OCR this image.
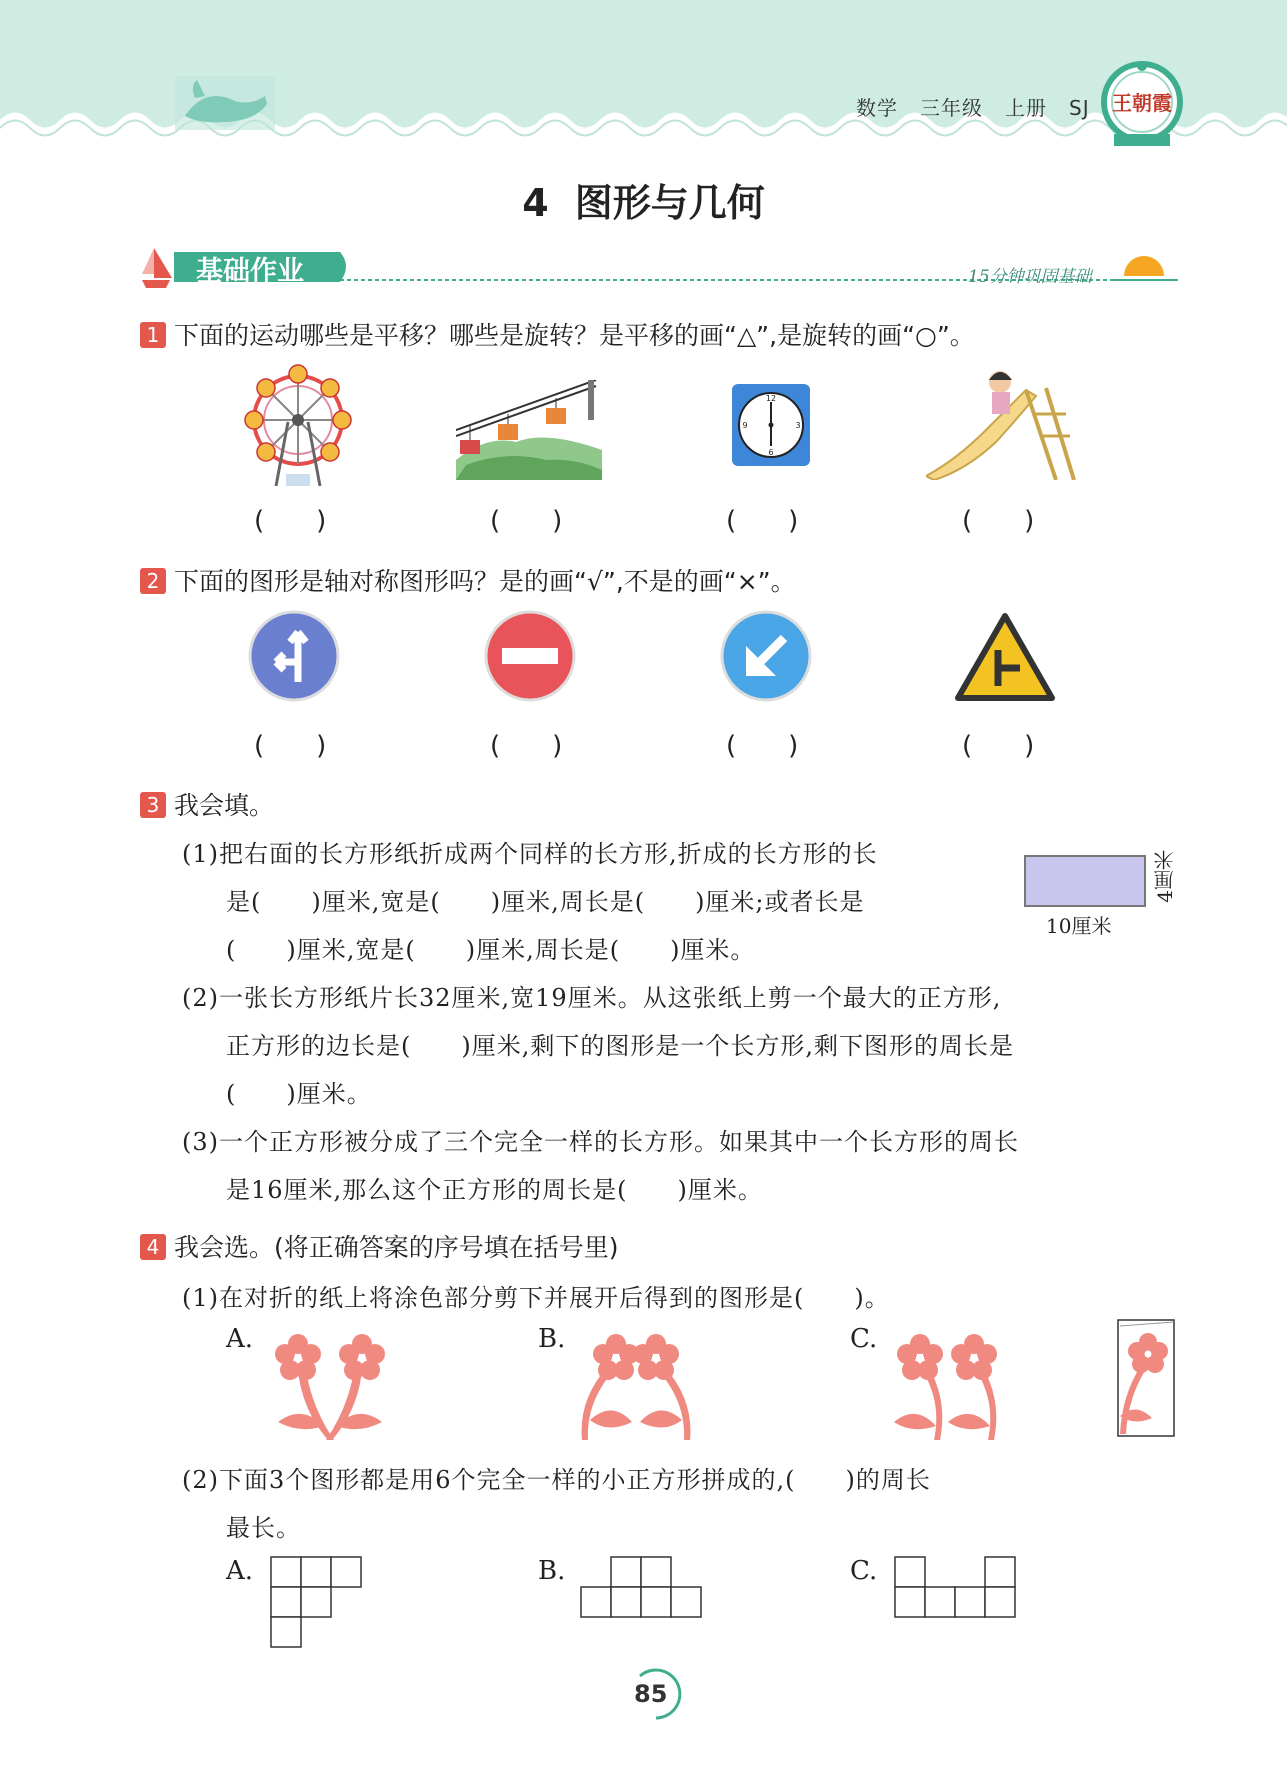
数学 三年级 上册 SJ	王朝霞
4 图形与几何
基础作业	15分钟巩固基础
1 下面的运动哪些是平移？哪些是旋转？是平移的画“△”,是旋转的画“○”。
12
3
6
9
(　　)	(　　)	(　　)	(　　)
2 下面的图形是轴对称图形吗？是的画“√”,不是的画“×”。
(　　)	(　　)	(　　)	(　　)
3 我会填。
(1)把右面的长方形纸折成两个同样的长方形,折成的长方形的长
是(　　)厘米,宽是(　　)厘米,周长是(　　)厘米;或者长是
(　　)厘米,宽是(　　)厘米,周长是(　　)厘米。
10厘米
4厘米
(2)一张长方形纸片长32厘米,宽19厘米。从这张纸上剪一个最大的正方形,
正方形的边长是(　　)厘米,剩下的图形是一个长方形,剩下图形的周长是
(　　)厘米。
(3)一个正方形被分成了三个完全一样的长方形。如果其中一个长方形的周长
是16厘米,那么这个正方形的周长是(　　)厘米。
4 我会选。(将正确答案的序号填在括号里)
(1)在对折的纸上将涂色部分剪下并展开后得到的图形是(　　)。
A.	B.	C.
(2)下面3个图形都是用6个完全一样的小正方形拼成的,(　　)的周长
最长。
A.	B.	C.
85
